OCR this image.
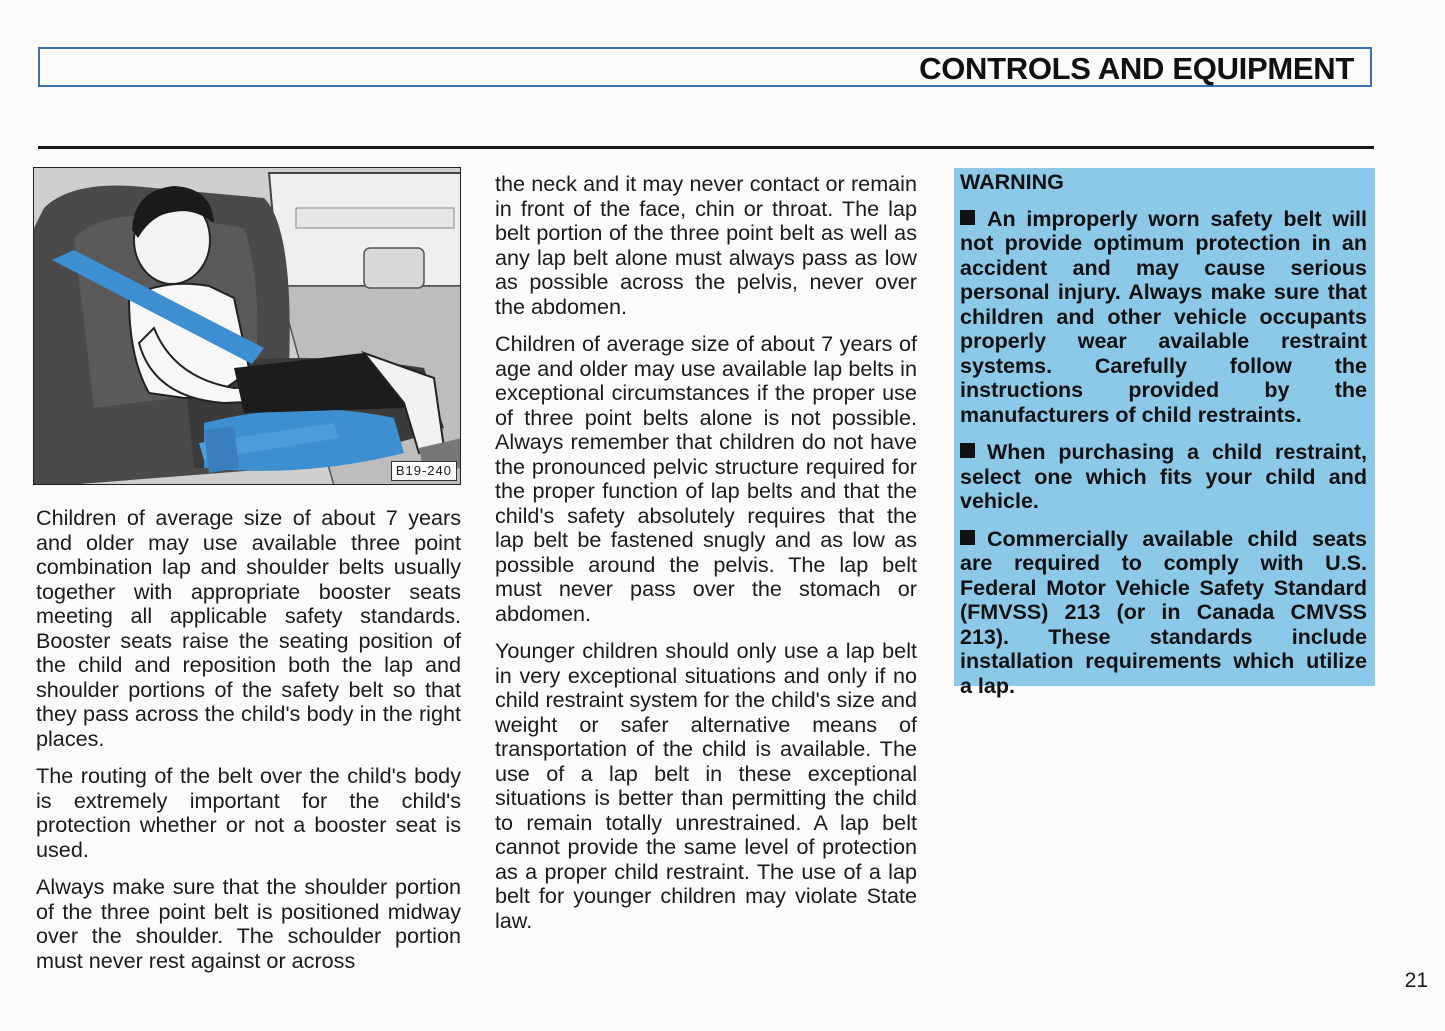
CONTROLS AND EQUIPMENT
B19-240

Children of average size of about 7 years and older may use available three point combination lap and shoulder belts usually together with appropriate booster seats meeting all applicable safety standards. Booster seats raise the seating position of the child and reposition both the lap and shoulder portions of the safety belt so that they pass across the child's body in the right places.

The routing of the belt over the child's body is extremely important for the child's protection whether or not a booster seat is used.

Always make sure that the shoulder portion of the three point belt is positioned midway over the shoulder. The schoulder portion must never rest against or across

the neck and it may never contact or remain in front of the face, chin or throat. The lap belt portion of the three point belt as well as any lap belt alone must always pass as low as possible across the pelvis, never over the abdomen.

Children of average size of about 7 years of age and older may use available lap belts in exceptional circumstances if the proper use of three point belts alone is not possible. Always remember that children do not have the pronounced pelvic structure required for the proper function of lap belts and that the child's safety absolutely requires that the lap belt be fastened snugly and as low as possible around the pelvis. The lap belt must never pass over the stomach or abdomen.

Younger children should only use a lap belt in very exceptional situations and only if no child restraint system for the child's size and weight or safer alternative means of transportation of the child is available. The use of a lap belt in these exceptional situations is better than permitting the child to remain totally unrestrained. A lap belt cannot provide the same level of protection as a proper child restraint. The use of a lap belt for younger children may violate State law.

WARNING

An improperly worn safety belt will not provide optimum protection in an accident and may cause serious personal injury. Always make sure that children and other vehicle occupants properly wear available restraint systems. Carefully follow the instructions provided by the manufacturers of child restraints.

When purchasing a child restraint, select one which fits your child and vehicle.

Commercially available child seats are required to comply with U.S. Federal Motor Vehicle Safety Standard (FMVSS) 213 (or in Canada CMVSS 213). These standards include installation requirements which utilize a lap.

21
